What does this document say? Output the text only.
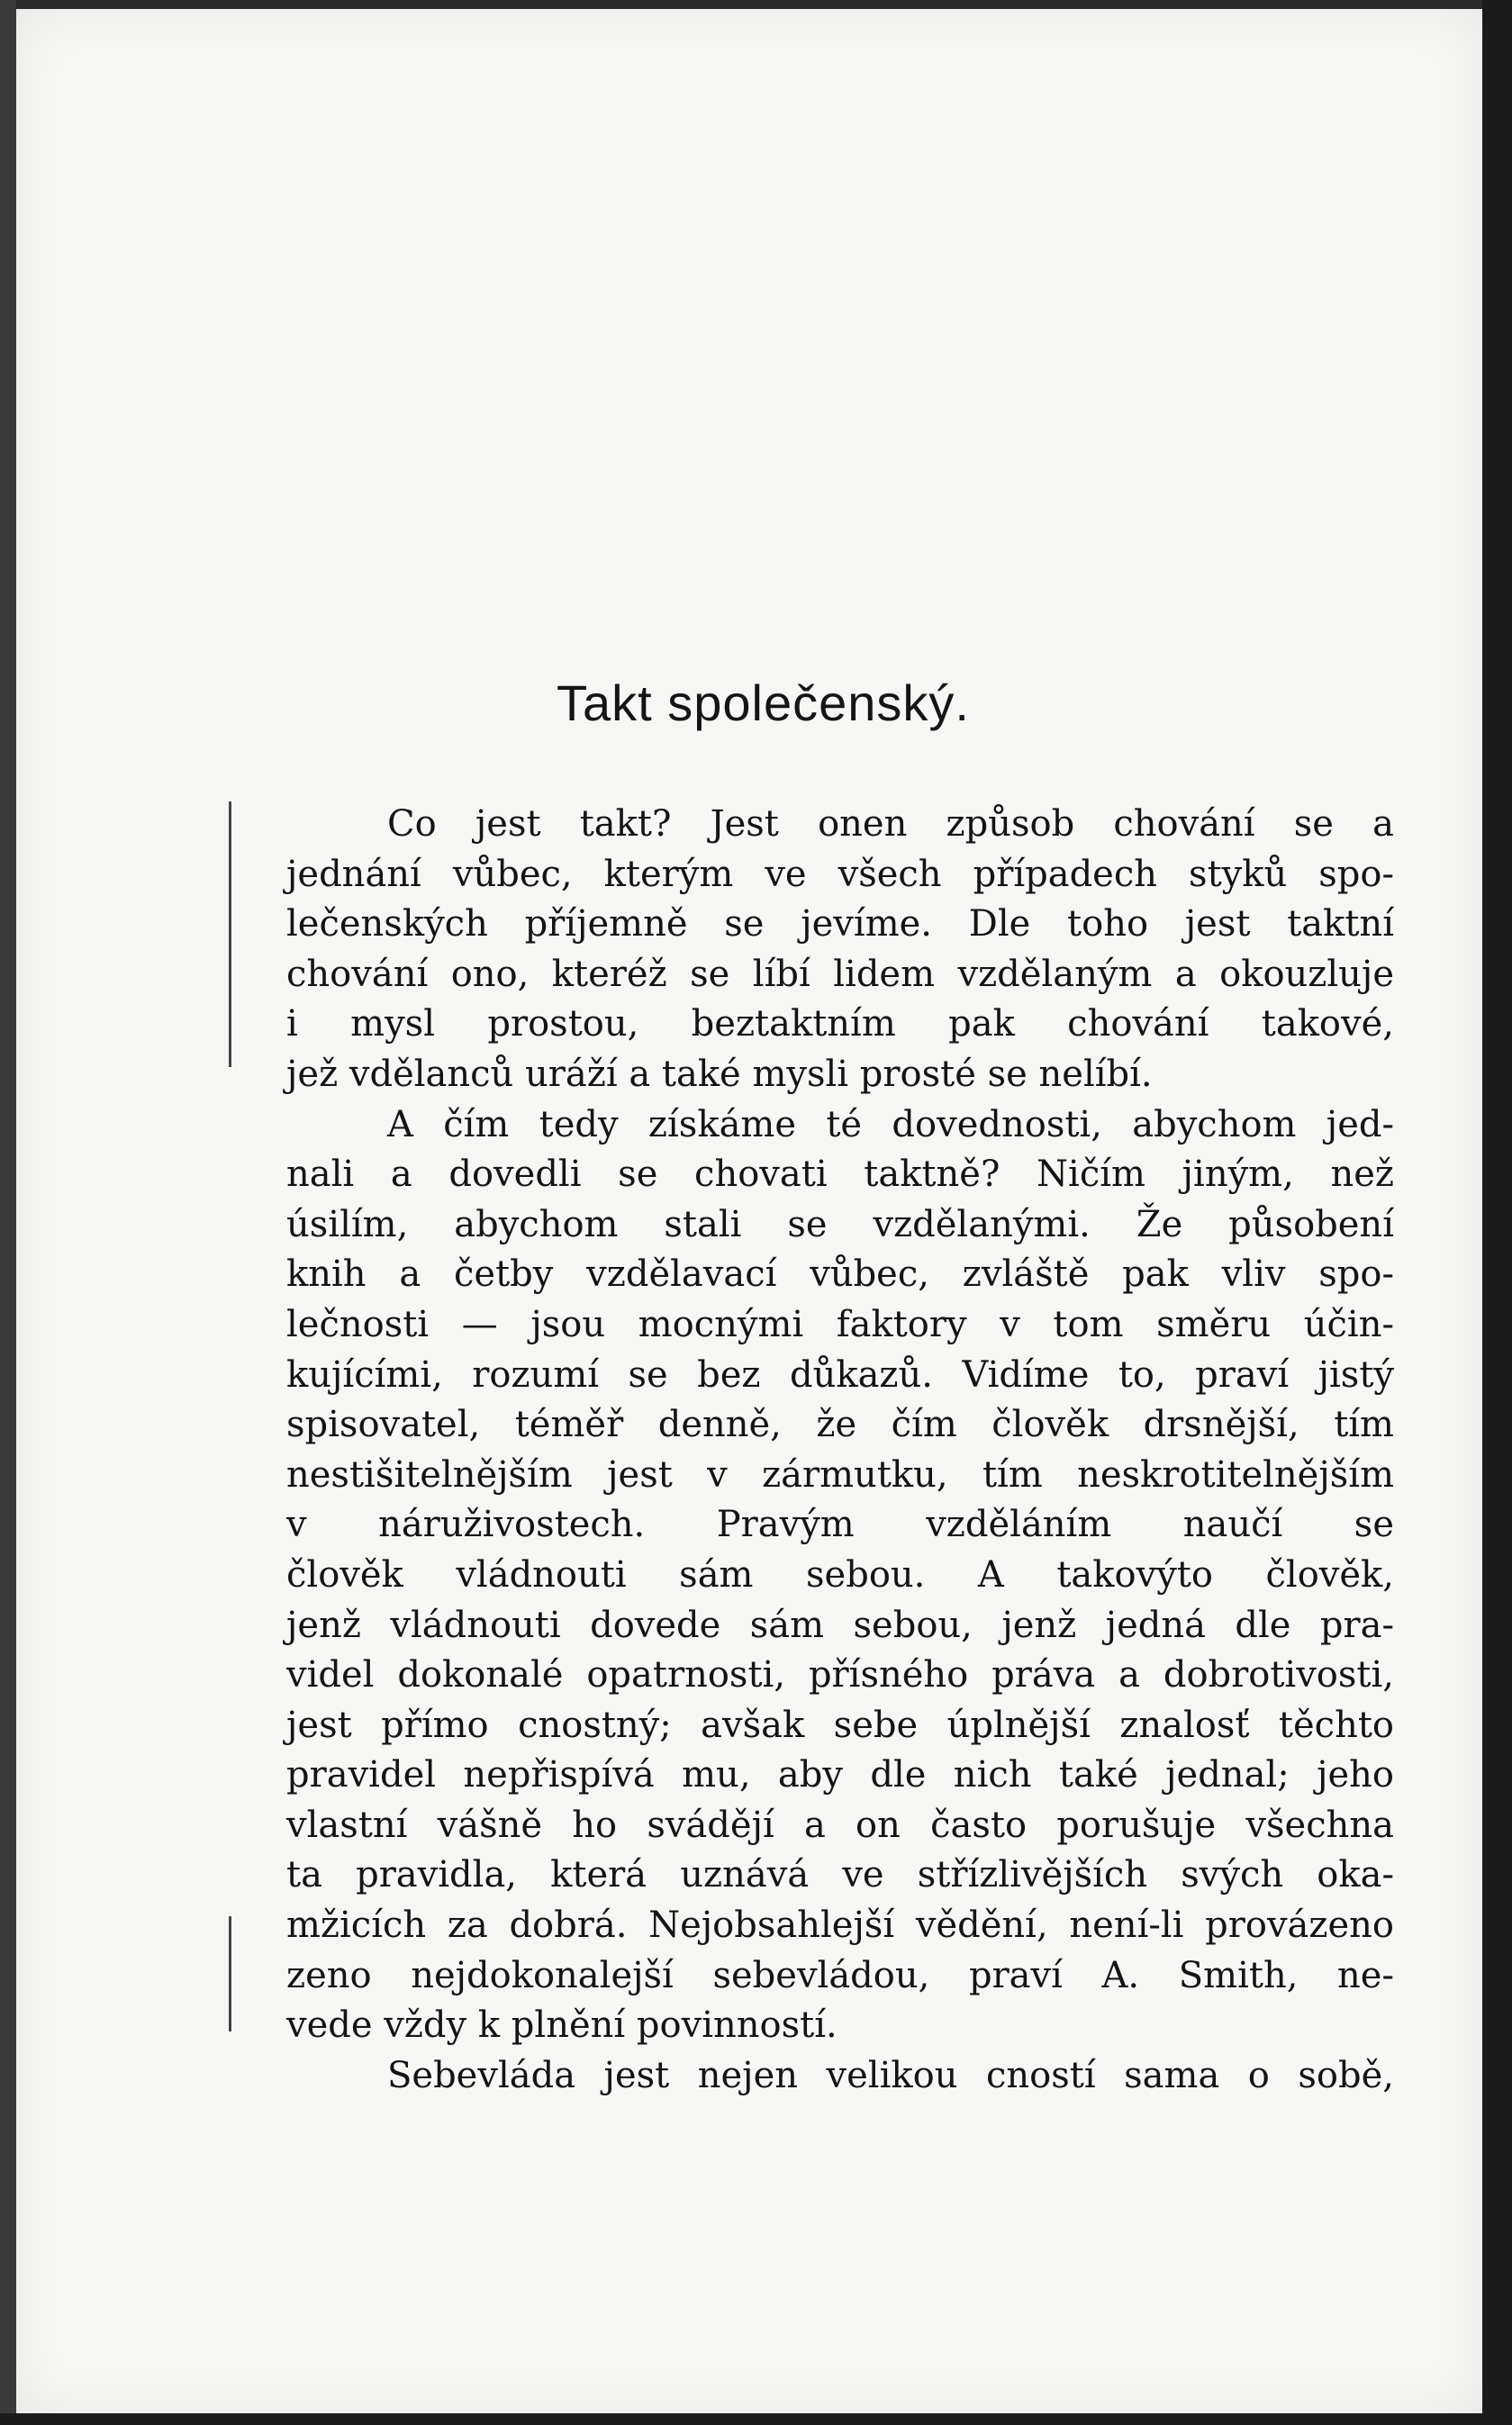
Takt společenský.
Co jest takt? Jest onen způsob chování se a
jednání vůbec, kterým ve všech případech styků spo-
lečenských příjemně se jevíme. Dle toho jest taktní
chování ono, kteréž se líbí lidem vzdělaným a okouzluje
i mysl prostou, beztaktním pak chování takové,
jež vdělanců uráží a také mysli prosté se nelíbí.
A čím tedy získáme té dovednosti, abychom jed-
nali a dovedli se chovati taktně? Ničím jiným, než
úsilím, abychom stali se vzdělanými. Že působení
knih a četby vzdělavací vůbec, zvláště pak vliv spo-
lečnosti — jsou mocnými faktory v tom směru účin-
kujícími, rozumí se bez důkazů. Vidíme to, praví jistý
spisovatel, téměř denně, že čím člověk drsnější, tím
nestišitelnějším jest v zármutku, tím neskrotitelnějším
v náruživostech. Pravým vzděláním naučí se
člověk vládnouti sám sebou. A takovýto člověk,
jenž vládnouti dovede sám sebou, jenž jedná dle pra-
videl dokonalé opatrnosti, přísného práva a dobrotivosti,
jest přímo cnostný; avšak sebe úplnější znalosť těchto
pravidel nepřispívá mu, aby dle nich také jednal; jeho
vlastní vášně ho svádějí a on často porušuje všechna
ta pravidla, která uznává ve střízlivějších svých oka-
mžicích za dobrá. Nejobsahlejší vědění, není-li provázeno
zeno nejdokonalejší sebevládou, praví A. Smith, ne-
vede vždy k plnění povinností.
Sebevláda jest nejen velikou cností sama o sobě,
